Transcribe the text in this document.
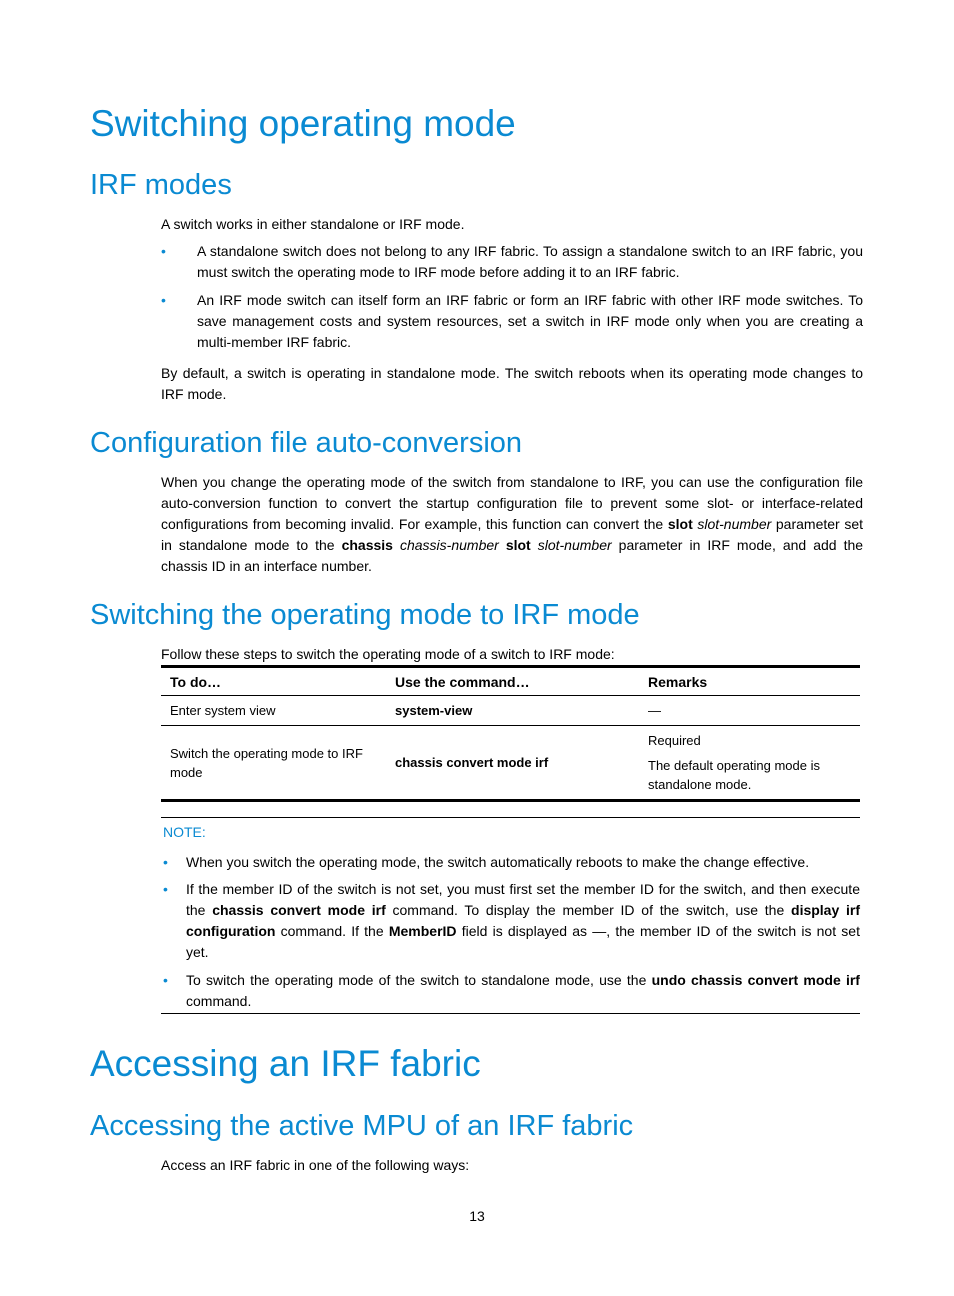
Switching operating mode
IRF modes

A switch works in either standalone or IRF mode.

• A standalone switch does not belong to any IRF fabric. To assign a standalone switch to an IRF fabric, you must switch the operating mode to IRF mode before adding it to an IRF fabric.
• An IRF mode switch can itself form an IRF fabric or form an IRF fabric with other IRF mode switches. To save management costs and system resources, set a switch in IRF mode only when you are creating a multi-member IRF fabric.

By default, a switch is operating in standalone mode. The switch reboots when its operating mode changes to IRF mode.

Configuration file auto-conversion

When you change the operating mode of the switch from standalone to IRF, you can use the configuration file auto-conversion function to convert the startup configuration file to prevent some slot- or interface-related configurations from becoming invalid. For example, this function can convert the slot slot-number parameter set in standalone mode to the chassis chassis-number slot slot-number parameter in IRF mode, and add the chassis ID in an interface number.

Switching the operating mode to IRF mode

Follow these steps to switch the operating mode of a switch to IRF mode:

To do…	Use the command…	Remarks
Enter system view	system-view	—
Switch the operating mode to IRF mode	chassis convert mode irf	Required
The default operating mode is standalone mode.
NOTE:
• When you switch the operating mode, the switch automatically reboots to make the change effective.
• If the member ID of the switch is not set, you must first set the member ID for the switch, and then execute the chassis convert mode irf command. To display the member ID of the switch, use the display irf configuration command. If the MemberID field is displayed as —, the member ID of the switch is not set yet.
• To switch the operating mode of the switch to standalone mode, use the undo chassis convert mode irf command.
Accessing an IRF fabric
Accessing the active MPU of an IRF fabric

Access an IRF fabric in one of the following ways:

13
